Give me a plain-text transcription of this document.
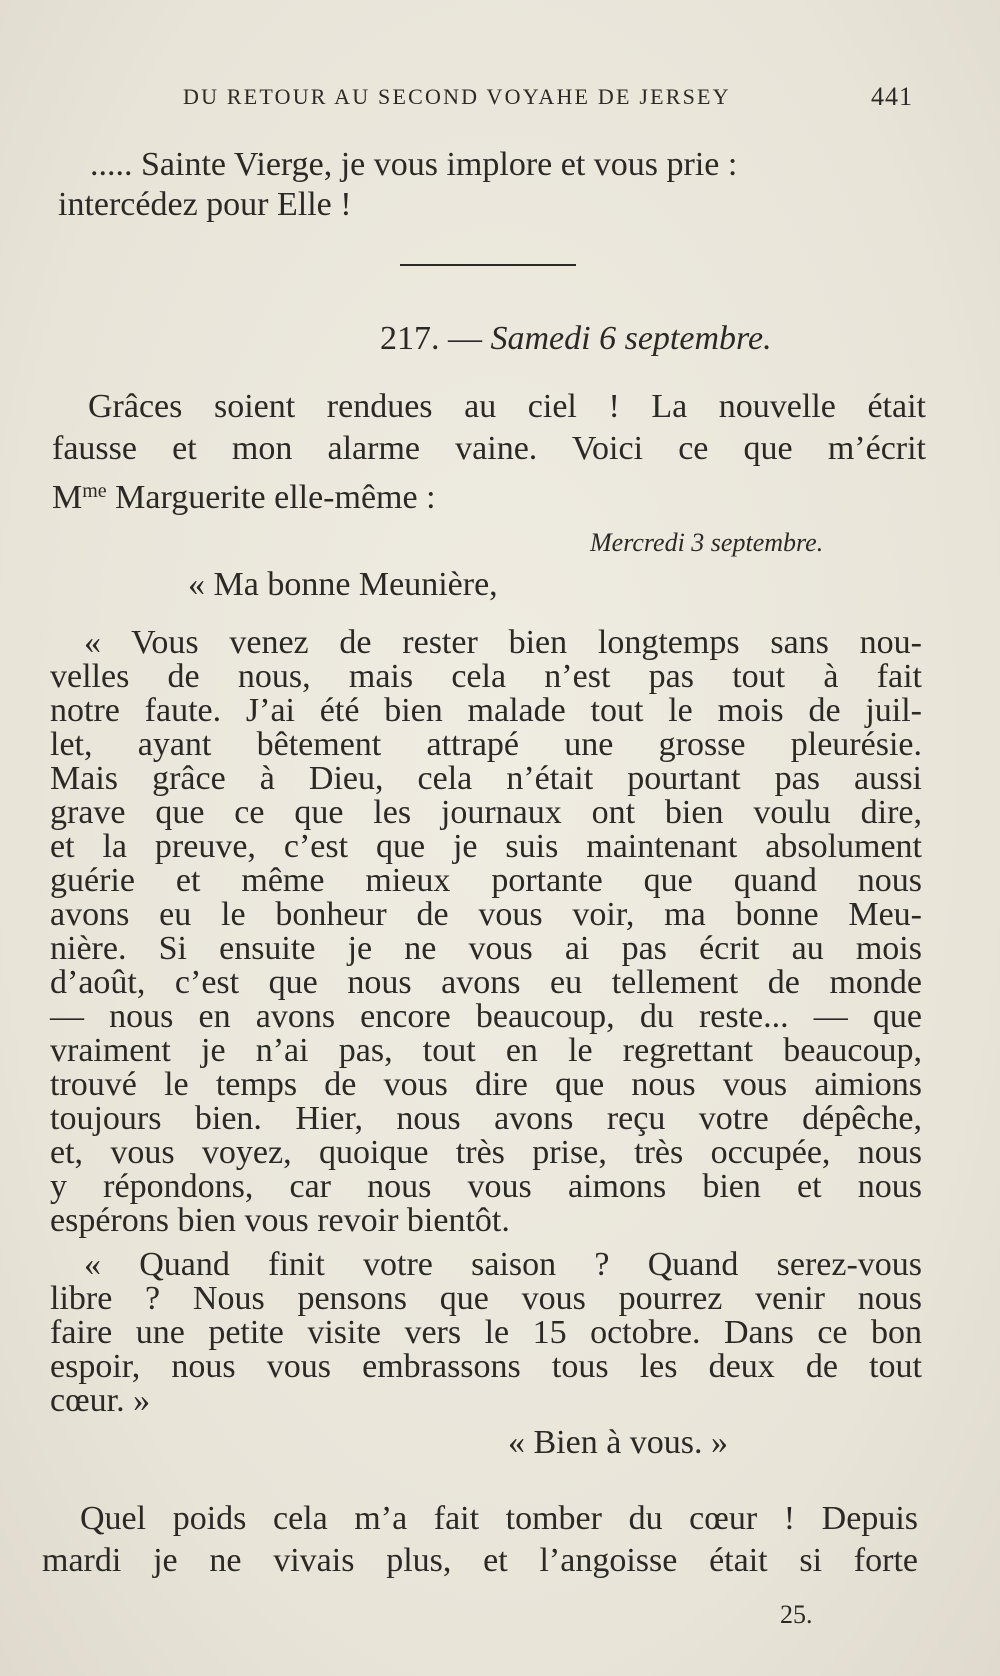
DU RETOUR AU SECOND VOYAHE DE JERSEY	441
..... Sainte Vierge, je vous implore et vous prie :
intercédez pour Elle !
217. — Samedi 6 septembre.
Grâces soient rendues au ciel ! La nouvelle était
fausse et mon alarme vaine. Voici ce que m’écrit
$M^{me}$ Marguerite elle-même :
Mercredi 3 septembre.
« Ma bonne Meunière,
« Vous venez de rester bien longtemps sans nou-
velles de nous, mais cela n’est pas tout à fait
notre faute. J’ai été bien malade tout le mois de juil-
let, ayant bêtement attrapé une grosse pleurésie.
Mais grâce à Dieu, cela n’était pourtant pas aussi
grave que ce que les journaux ont bien voulu dire,
et la preuve, c’est que je suis maintenant absolument
guérie et même mieux portante que quand nous
avons eu le bonheur de vous voir, ma bonne Meu-
nière. Si ensuite je ne vous ai pas écrit au mois
d’août, c’est que nous avons eu tellement de monde
— nous en avons encore beaucoup, du reste... — que
vraiment je n’ai pas, tout en le regrettant beaucoup,
trouvé le temps de vous dire que nous vous aimions
toujours bien. Hier, nous avons reçu votre dépêche,
et, vous voyez, quoique très prise, très occupée, nous
y répondons, car nous vous aimons bien et nous
espérons bien vous revoir bientôt.
« Quand finit votre saison ? Quand serez-vous
libre ? Nous pensons que vous pourrez venir nous
faire une petite visite vers le 15 octobre. Dans ce bon
espoir, nous vous embrassons tous les deux de tout
cœur. »
« Bien à vous. »
Quel poids cela m’a fait tomber du cœur ! Depuis
mardi je ne vivais plus, et l’angoisse était si forte
25.
